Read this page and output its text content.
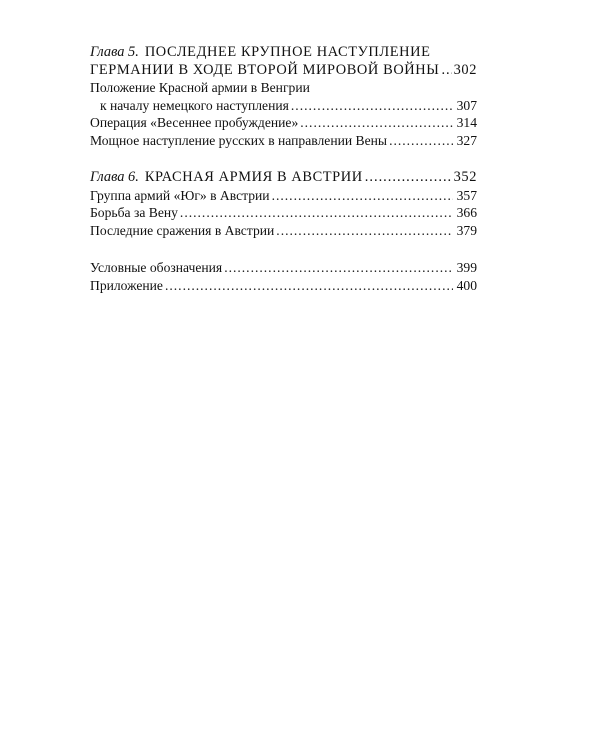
Глава 5. ПОСЛЕДНЕЕ КРУПНОЕ НАСТУПЛЕНИЕ
ГЕРМАНИИ В ХОДЕ ВТОРОЙ МИРОВОЙ ВОЙНЫ ..... 302
Положение Красной армии в Венгрии
к началу немецкого наступления .....	307
Операция «Весеннее пробуждение» .....	314
Мощное наступление русских в направлении Вены .....	327
Глава 6. КРАСНАЯ АРМИЯ В АВСТРИИ .....	352
Группа армий «Юг» в Австрии .....	357
Борьба за Вену .....	366
Последние сражения в Австрии .....	379
Условные обозначения .....	399
Приложение .....	400
